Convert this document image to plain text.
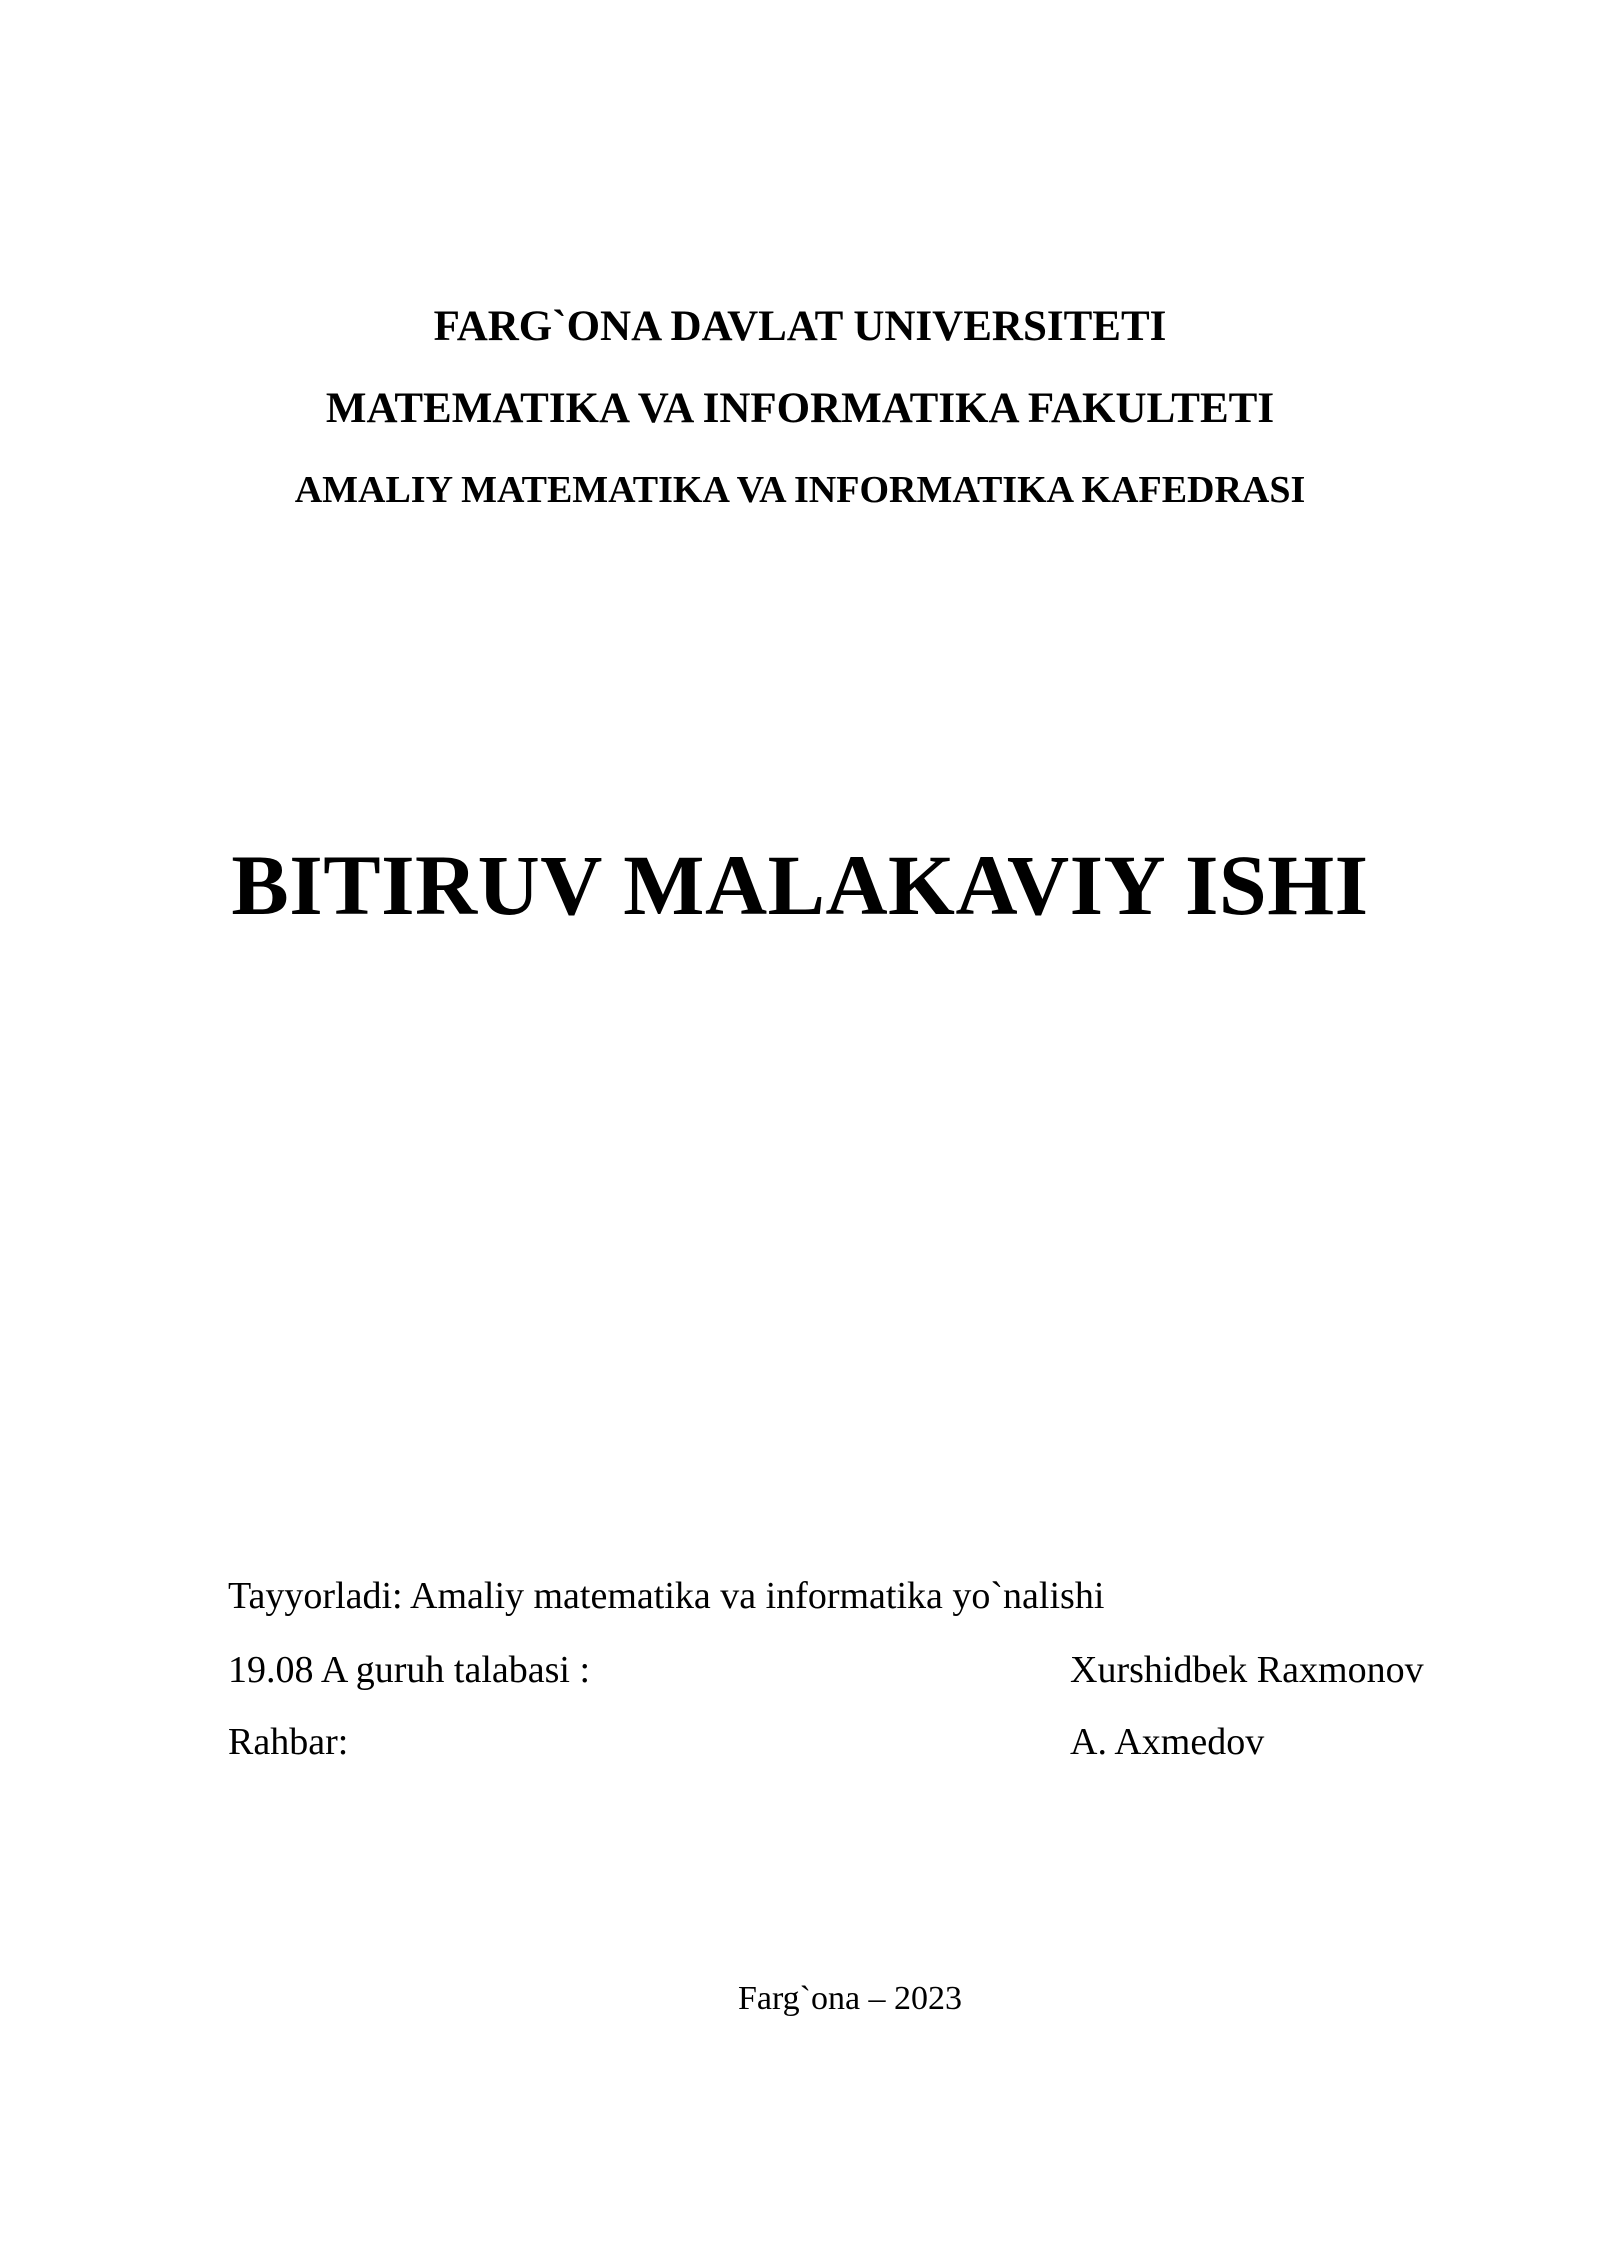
FARG`ONA DAVLAT UNIVERSITETI
MATEMATIKA VA INFORMATIKA FAKULTETI
AMALIY MATEMATIKA VA INFORMATIKA KAFEDRASI
BITIRUV MALAKAVIY ISHI
Tayyorladi: Amaliy matematika va informatika yo`nalishi
19.08 A guruh talabasi :	Xurshidbek Raxmonov
Rahbar:	A. Axmedov
Farg`ona – 2023
